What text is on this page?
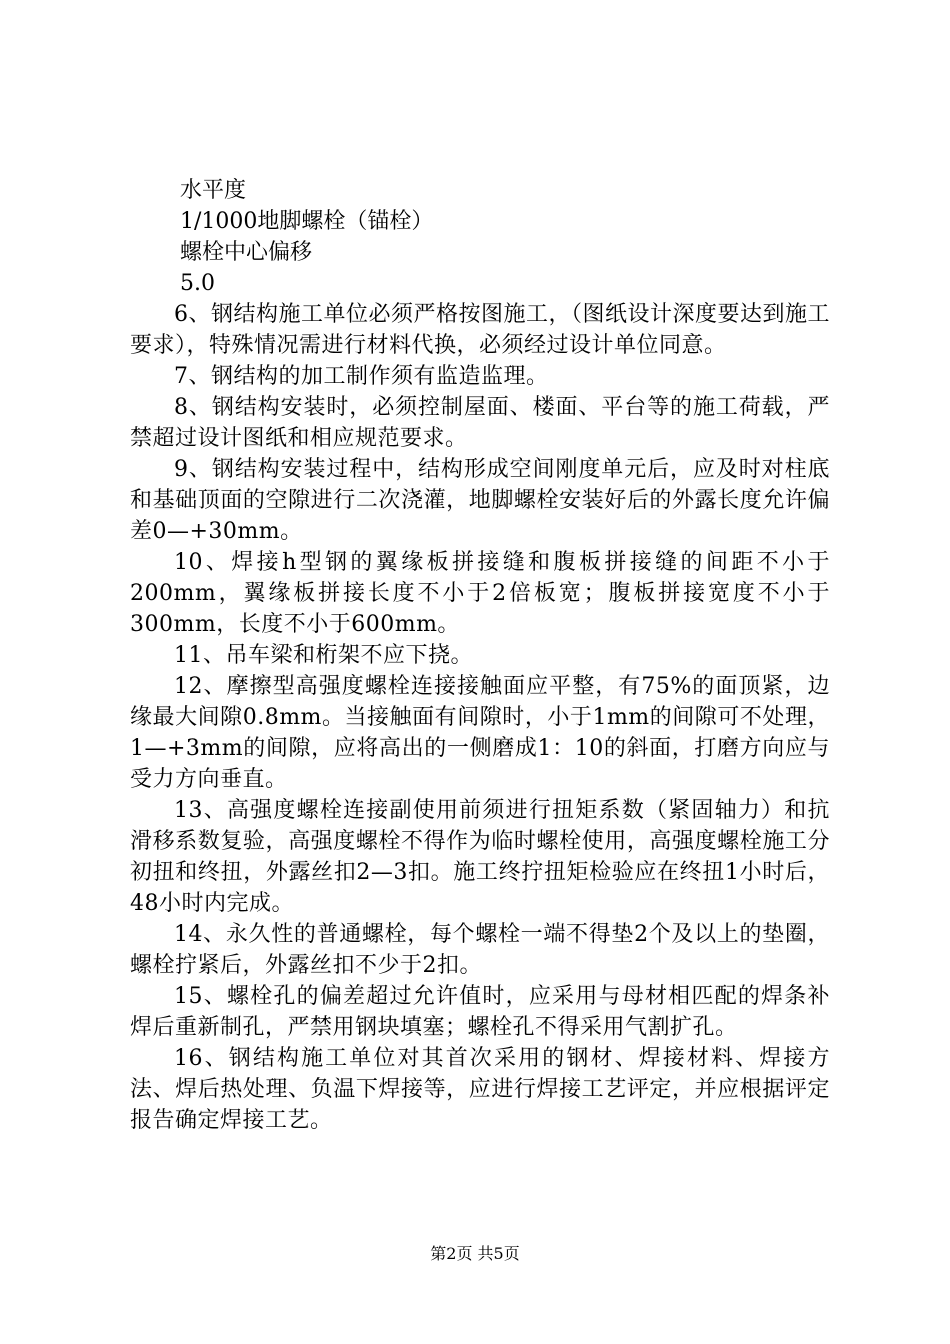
水平度

1/1000地脚螺栓（锚栓）

螺栓中心偏移

5.0

6、钢结构施工单位必须严格按图施工，（图纸设计深度要达到施工要求），特殊情况需进行材料代换，必须经过设计单位同意。

7、钢结构的加工制作须有监造监理。

8、钢结构安装时，必须控制屋面、楼面、平台等的施工荷载，严禁超过设计图纸和相应规范要求。

9、钢结构安装过程中，结构形成空间刚度单元后，应及时对柱底和基础顶面的空隙进行二次浇灌，地脚螺栓安装好后的外露长度允许偏差0—+30mm。

10、焊接h型钢的翼缘板拼接缝和腹板拼接缝的间距不小于200mm，翼缘板拼接长度不小于2倍板宽；腹板拼接宽度不小于300mm，长度不小于600mm。

11、吊车梁和桁架不应下挠。

12、摩擦型高强度螺栓连接接触面应平整，有75%的面顶紧，边缘最大间隙0.8mm。当接触面有间隙时，小于1mm的间隙可不处理，1—+3mm的间隙，应将高出的一侧磨成1：10的斜面，打磨方向应与受力方向垂直。

13、高强度螺栓连接副使用前须进行扭矩系数（紧固轴力）和抗滑移系数复验，高强度螺栓不得作为临时螺栓使用，高强度螺栓施工分初扭和终扭，外露丝扣2—3扣。施工终拧扭矩检验应在终扭1小时后，48小时内完成。

14、永久性的普通螺栓，每个螺栓一端不得垫2个及以上的垫圈，螺栓拧紧后，外露丝扣不少于2扣。

15、螺栓孔的偏差超过允许值时，应采用与母材相匹配的焊条补焊后重新制孔，严禁用钢块填塞；螺栓孔不得采用气割扩孔。

16、钢结构施工单位对其首次采用的钢材、焊接材料、焊接方法、焊后热处理、负温下焊接等，应进行焊接工艺评定，并应根据评定报告确定焊接工艺。

第2页 共5页
